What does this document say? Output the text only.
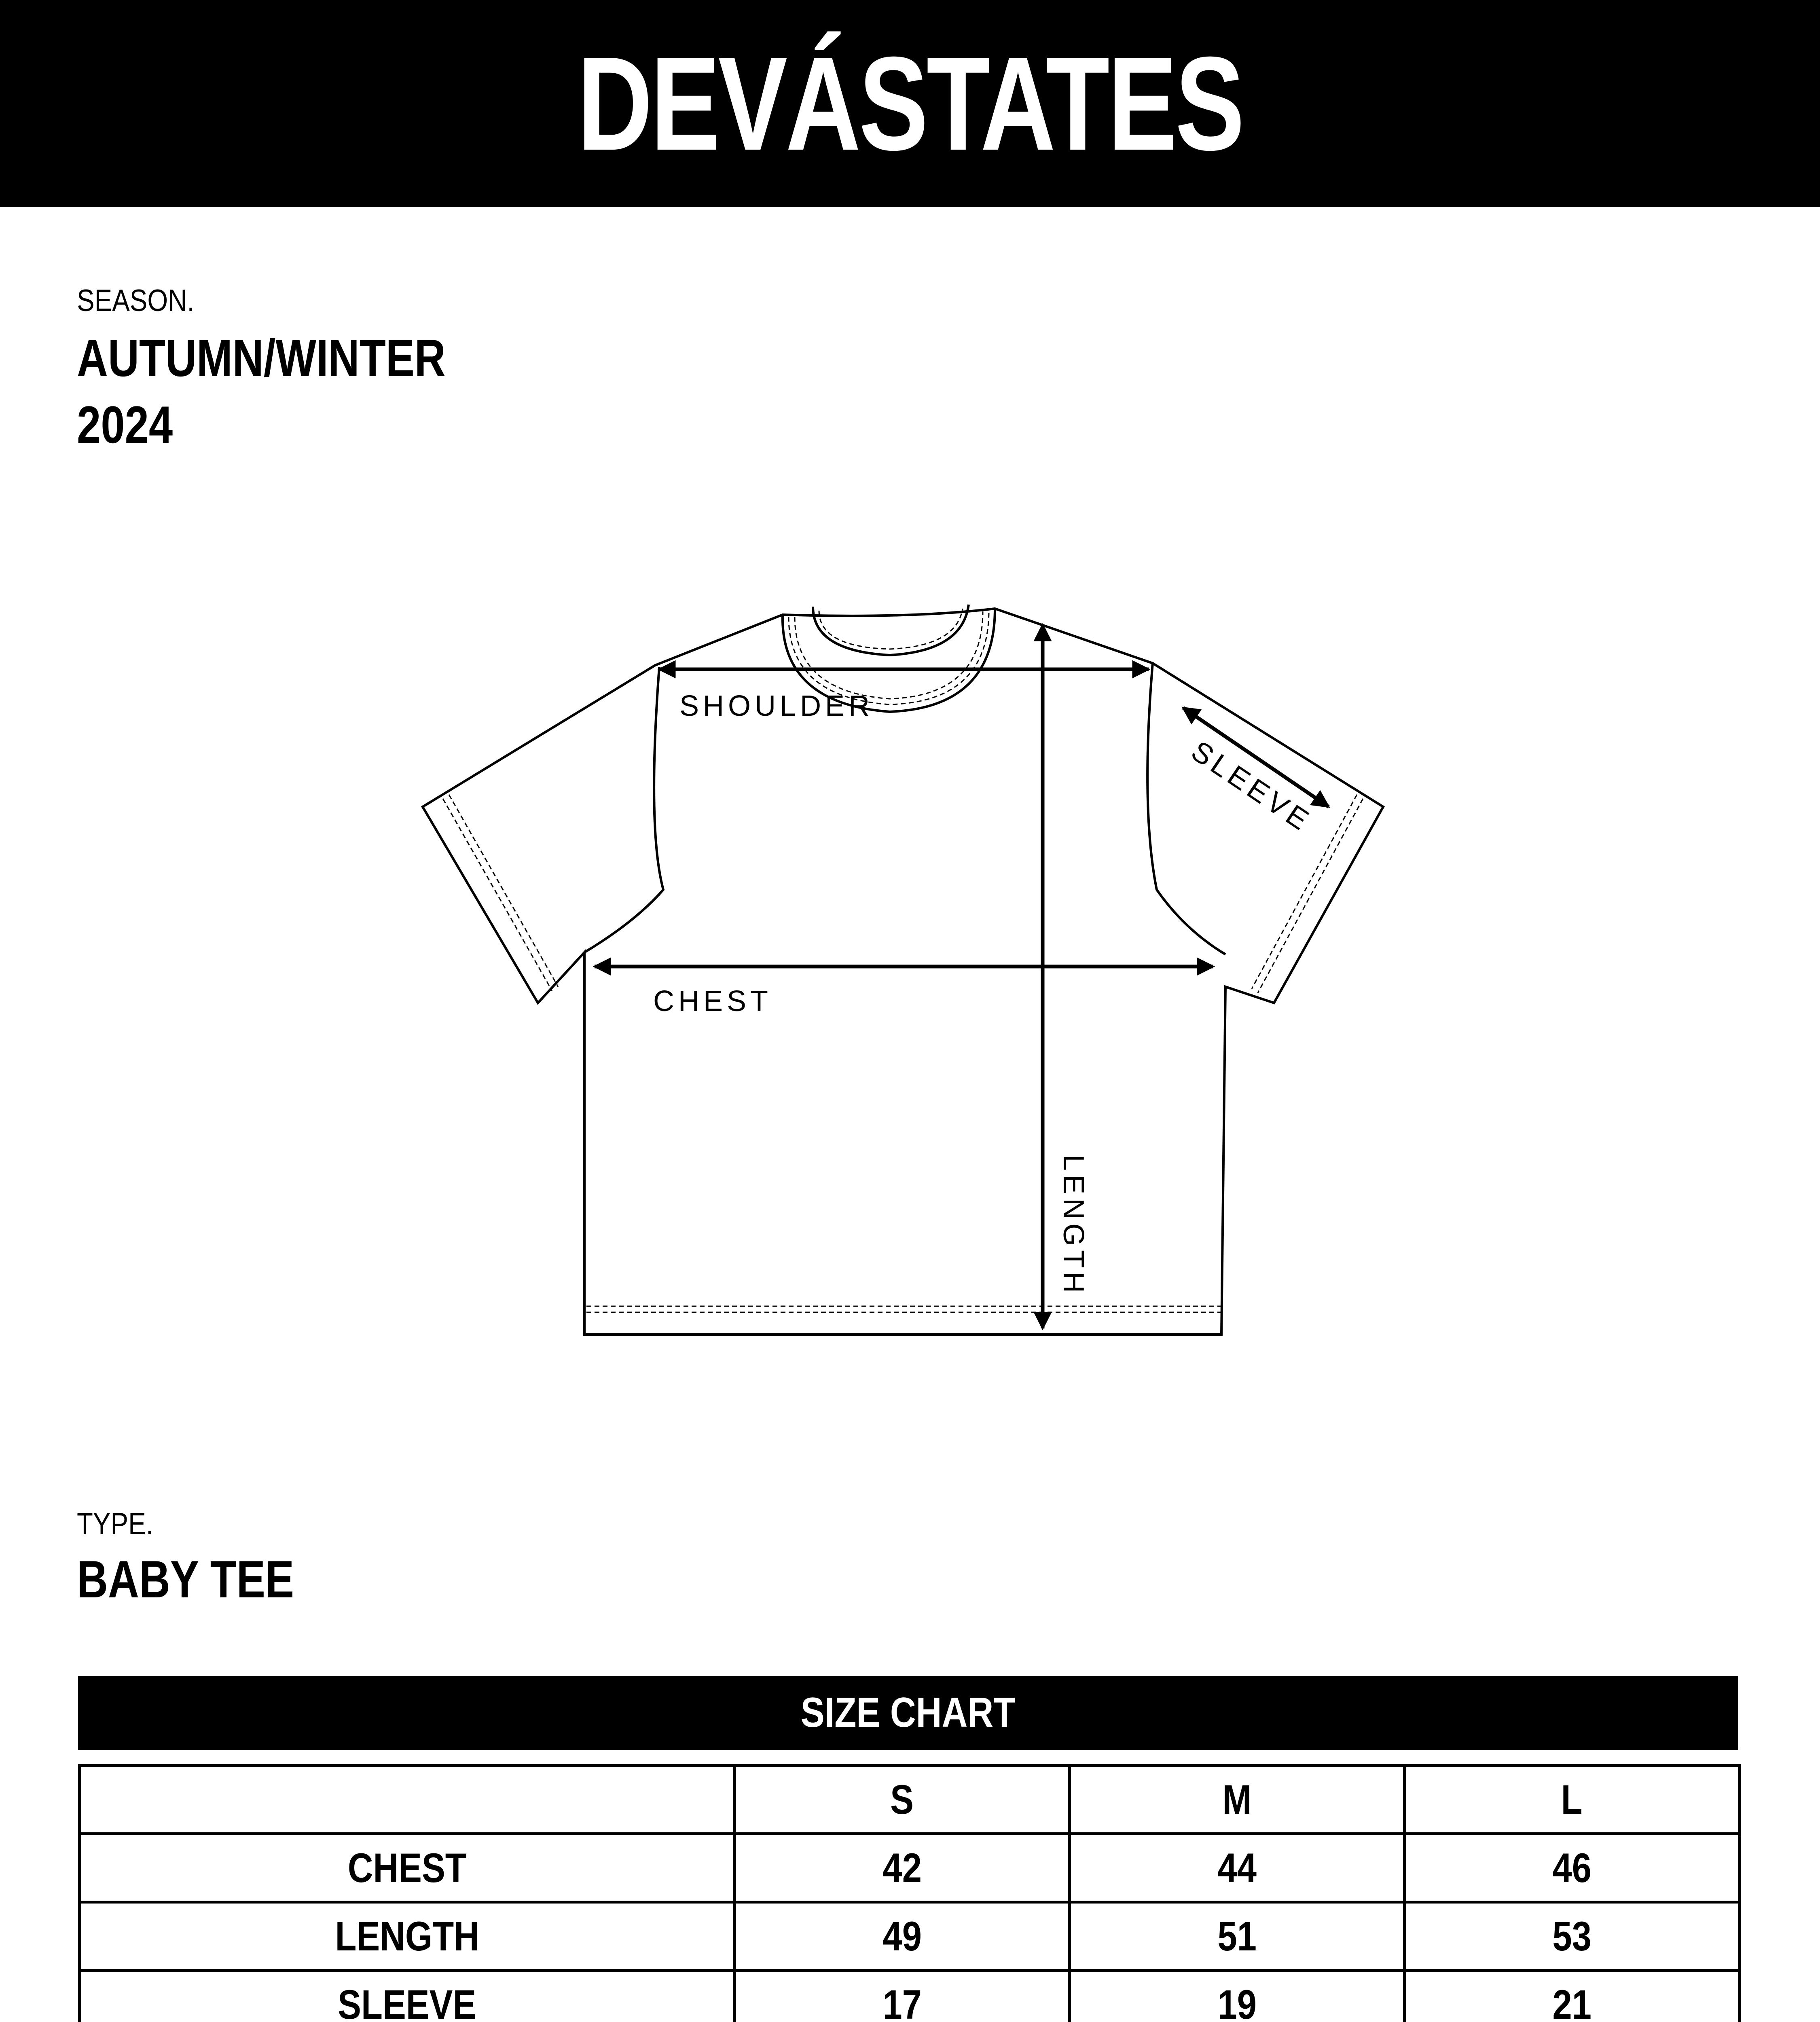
DEVÁSTATES
SEASON.
AUTUMN/WINTER
2024
SHOULDER
CHEST
LENGTH
SLEEVE
TYPE.
BABY TEE
SIZE CHART
	S	M	L
CHEST	42	44	46
LENGTH	49	51	53
SLEEVE	17	19	21
